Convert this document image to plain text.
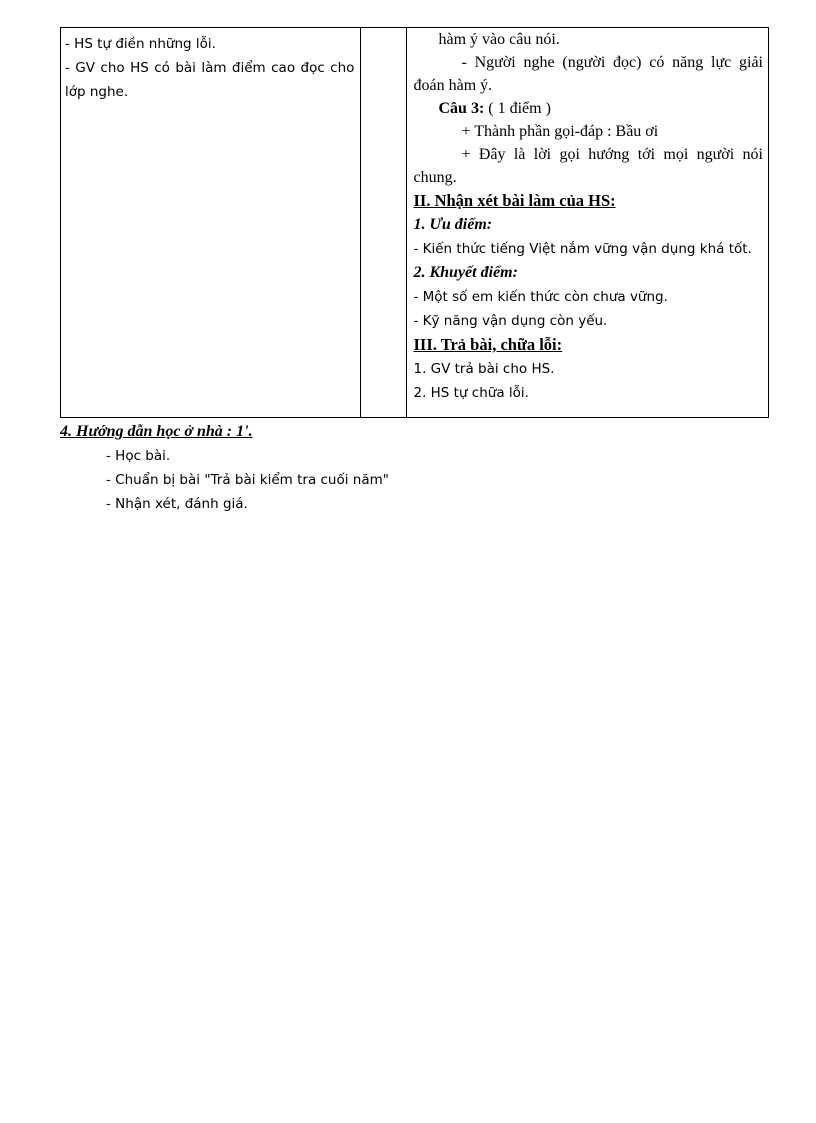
- HS tự điền những lỗi.
- GV cho HS có bài làm điểm cao đọc cho lớp nghe.

hàm ý vào câu nói.
- Người nghe (người đọc) có năng lực giải đoán hàm ý.
Câu 3: ( 1 điểm )
+ Thành phần gọi-đáp : Bầu ơi
+ Đây là lời gọi hướng tới mọi người nói chung.
II. Nhận xét bài làm của HS:
1. Ưu điểm:
- Kiến thức tiếng Việt nắm vững vận dụng khá tốt.
2. Khuyết điểm:
- Một số em kiến thức còn chưa vững.
- Kỹ năng vận dụng còn yếu.
III. Trả bài, chữa lỗi:
1. GV trả bài cho HS.
2. HS tự chữa lỗi.
4. Hướng dẫn học ở nhà : 1'.
- Học bài.
- Chuẩn bị bài "Trả bài kiểm tra cuối năm"
- Nhận xét, đánh giá.
